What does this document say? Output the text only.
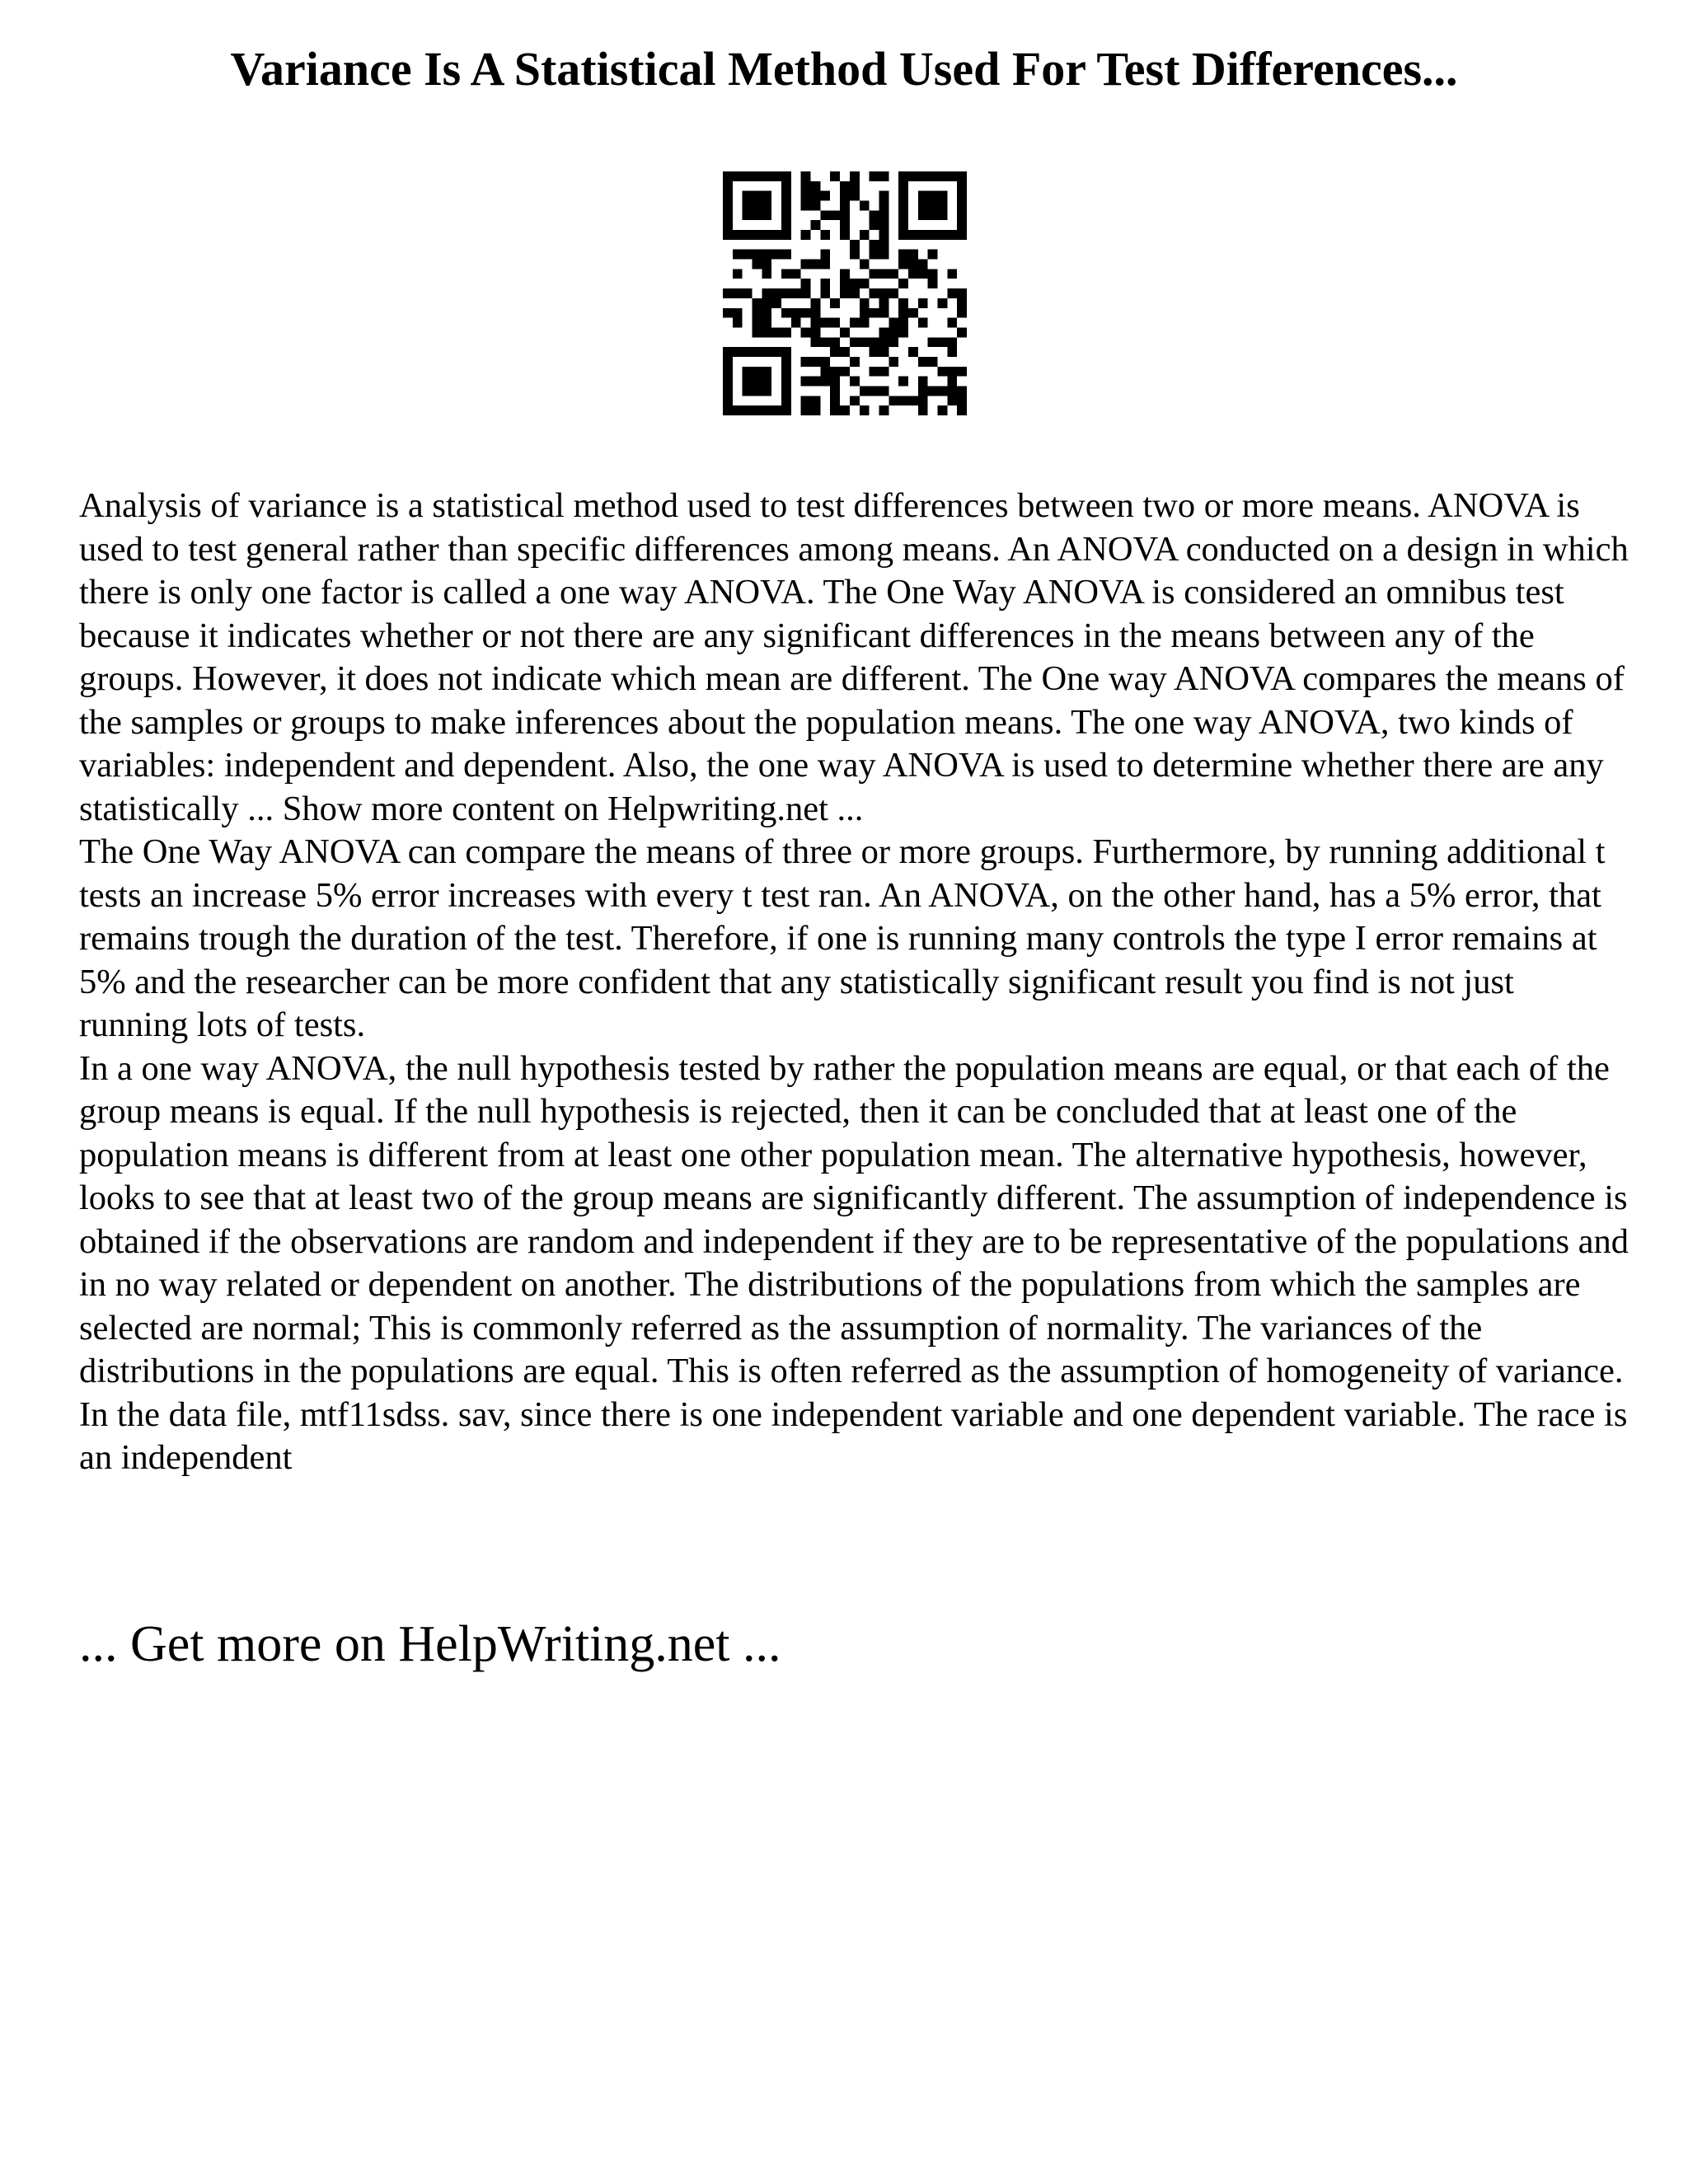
Variance Is A Statistical Method Used For Test Differences...

Analysis of variance is a statistical method used to test differences between two or more means. ANOVA is used to test general rather than specific differences among means. An ANOVA conducted on a design in which there is only one factor is called a one way ANOVA. The One Way ANOVA is considered an omnibus test because it indicates whether or not there are any significant differences in the means between any of the groups. However, it does not indicate which mean are different. The One way ANOVA compares the means of the samples or groups to make inferences about the population means. The one way ANOVA, two kinds of variables: independent and dependent. Also, the one way ANOVA is used to determine whether there are any statistically ... Show more content on Helpwriting.net ...

The One Way ANOVA can compare the means of three or more groups. Furthermore, by running additional t tests an increase 5% error increases with every t test ran. An ANOVA, on the other hand, has a 5% error, that remains trough the duration of the test. Therefore, if one is running many controls the type I error remains at 5% and the researcher can be more confident that any statistically significant result you find is not just running lots of tests.

In a one way ANOVA, the null hypothesis tested by rather the population means are equal, or that each of the group means is equal. If the null hypothesis is rejected, then it can be concluded that at least one of the population means is different from at least one other population mean. The alternative hypothesis, however, looks to see that at least two of the group means are significantly different. The assumption of independence is obtained if the observations are random and independent if they are to be representative of the populations and in no way related or dependent on another. The distributions of the populations from which the samples are selected are normal; This is commonly referred as the assumption of normality. The variances of the distributions in the populations are equal. This is often referred as the assumption of homogeneity of variance.

In the data file, mtf11sdss. sav, since there is one independent variable and one dependent variable. The race is an independent

... Get more on HelpWriting.net ...
